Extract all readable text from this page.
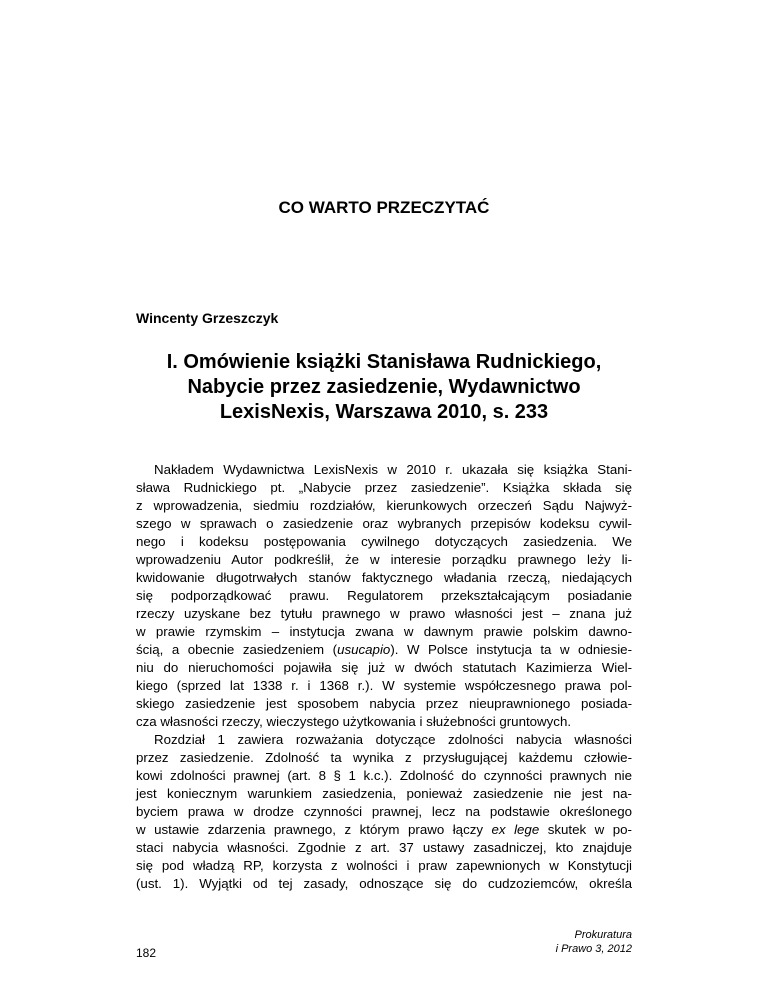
CO WARTO PRZECZYTAĆ

Wincenty Grzeszczyk

I. Omówienie książki Stanisława Rudnickiego,
Nabycie przez zasiedzenie, Wydawnictwo
LexisNexis, Warszawa 2010, s. 233

Nakładem Wydawnictwa LexisNexis w 2010 r. ukazała się książka Stani-
sława Rudnickiego pt. „Nabycie przez zasiedzenie”. Książka składa się
z wprowadzenia, siedmiu rozdziałów, kierunkowych orzeczeń Sądu Najwyż-
szego w sprawach o zasiedzenie oraz wybranych przepisów kodeksu cywil-
nego i kodeksu postępowania cywilnego dotyczących zasiedzenia. We
wprowadzeniu Autor podkreślił, że w interesie porządku prawnego leży li-
kwidowanie długotrwałych stanów faktycznego władania rzeczą, niedających
się podporządkować prawu. Regulatorem przekształcającym posiadanie
rzeczy uzyskane bez tytułu prawnego w prawo własności jest – znana już
w prawie rzymskim – instytucja zwana w dawnym prawie polskim dawno-
ścią, a obecnie zasiedzeniem (usucapio). W Polsce instytucja ta w odniesie-
niu do nieruchomości pojawiła się już w dwóch statutach Kazimierza Wiel-
kiego (sprzed lat 1338 r. i 1368 r.). W systemie współczesnego prawa pol-
skiego zasiedzenie jest sposobem nabycia przez nieuprawnionego posiada-
cza własności rzeczy, wieczystego użytkowania i służebności gruntowych.

Rozdział 1 zawiera rozważania dotyczące zdolności nabycia własności
przez zasiedzenie. Zdolność ta wynika z przysługującej każdemu człowie-
kowi zdolności prawnej (art. 8 § 1 k.c.). Zdolność do czynności prawnych nie
jest koniecznym warunkiem zasiedzenia, ponieważ zasiedzenie nie jest na-
byciem prawa w drodze czynności prawnej, lecz na podstawie określonego
w ustawie zdarzenia prawnego, z którym prawo łączy ex lege skutek w po-
staci nabycia własności. Zgodnie z art. 37 ustawy zasadniczej, kto znajduje
się pod władzą RP, korzysta z wolności i praw zapewnionych w Konstytucji
(ust. 1). Wyjątki od tej zasady, odnoszące się do cudzoziemców, określa

182

Prokuratura
i Prawo 3, 2012
